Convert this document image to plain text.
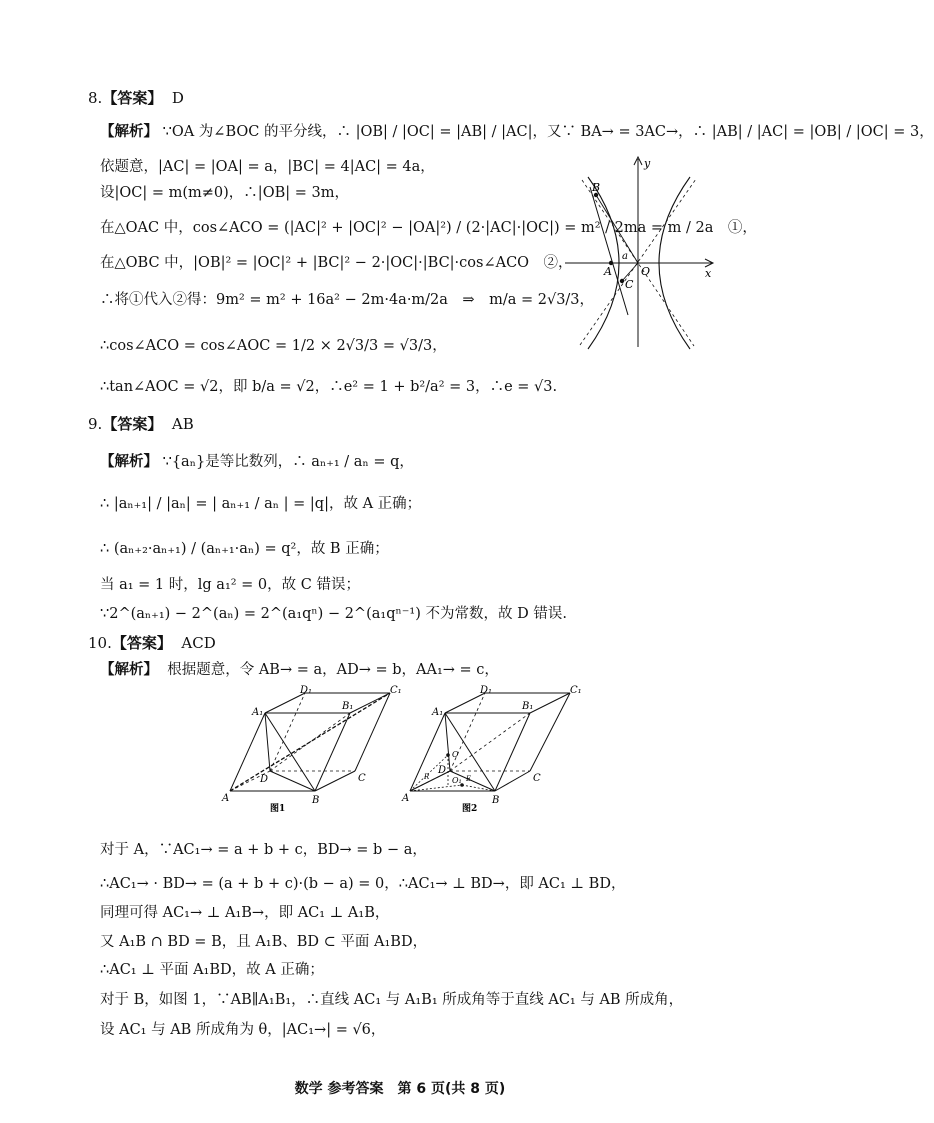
8.【答案】 D
【解析】 ∵OA 为∠BOC 的平分线，∴ |OB| / |OC| = |AB| / |AC|，又∵ BA→ = 3AC→，∴ |AB| / |AC| = |OB| / |OC| = 3，
依题意，|AC| = |OA| = a，|BC| = 4|AC| = 4a，
设|OC| = m(m≠0)，∴|OB| = 3m，
在△OAC 中，cos∠ACO = (|AC|² + |OC|² − |OA|²) / (2·|AC|·|OC|) = m² / 2ma = m / 2a　①，
在△OBC 中，|OB|² = |OC|² + |BC|² − 2·|OC|·|BC|·cos∠ACO　②，
∴将①代入②得：9m² = m² + 16a² − 2m·4a·m/2a　⇒　m/a = 2√3/3，
∴cos∠ACO = cos∠AOC = 1/2 × 2√3/3 = √3/3，
∴tan∠AOC = √2，即 b/a = √2，∴e² = 1 + b²/a² = 3，∴e = √3.
y
x
B
A
a
O
C
9.【答案】 AB
【解析】 ∵{aₙ}是等比数列，∴ aₙ₊₁ / aₙ = q，
∴ |aₙ₊₁| / |aₙ| = | aₙ₊₁ / aₙ | = |q|，故 A 正确；
∴ (aₙ₊₂·aₙ₊₁) / (aₙ₊₁·aₙ) = q²，故 B 正确；
当 a₁ = 1 时，lg a₁² = 0，故 C 错误；
∵2^(aₙ₊₁) − 2^(aₙ) = 2^(a₁qⁿ) − 2^(a₁qⁿ⁻¹) 不为常数，故 D 错误.
10.【答案】 ACD
【解析】 根据题意，令 AB→ = a，AD→ = b，AA₁→ = c，
A	B
C
D
A₁
B₁
C₁
D₁
图1
A	B
C
D
A₁
B₁
C₁
D₁
O
O₁
R	E
图2
对于 A，∵AC₁→ = a + b + c，BD→ = b − a，
∴AC₁→ · BD→ = (a + b + c)·(b − a) = 0，∴AC₁→ ⊥ BD→，即 AC₁ ⊥ BD，
同理可得 AC₁→ ⊥ A₁B→，即 AC₁ ⊥ A₁B，
又 A₁B ∩ BD = B，且 A₁B、BD ⊂ 平面 A₁BD，
∴AC₁ ⊥ 平面 A₁BD，故 A 正确；
对于 B，如图 1，∵AB∥A₁B₁，∴直线 AC₁ 与 A₁B₁ 所成角等于直线 AC₁ 与 AB 所成角，
设 AC₁ 与 AB 所成角为 θ，|AC₁→| = √6，
数学 参考答案　第 6 页(共 8 页)
